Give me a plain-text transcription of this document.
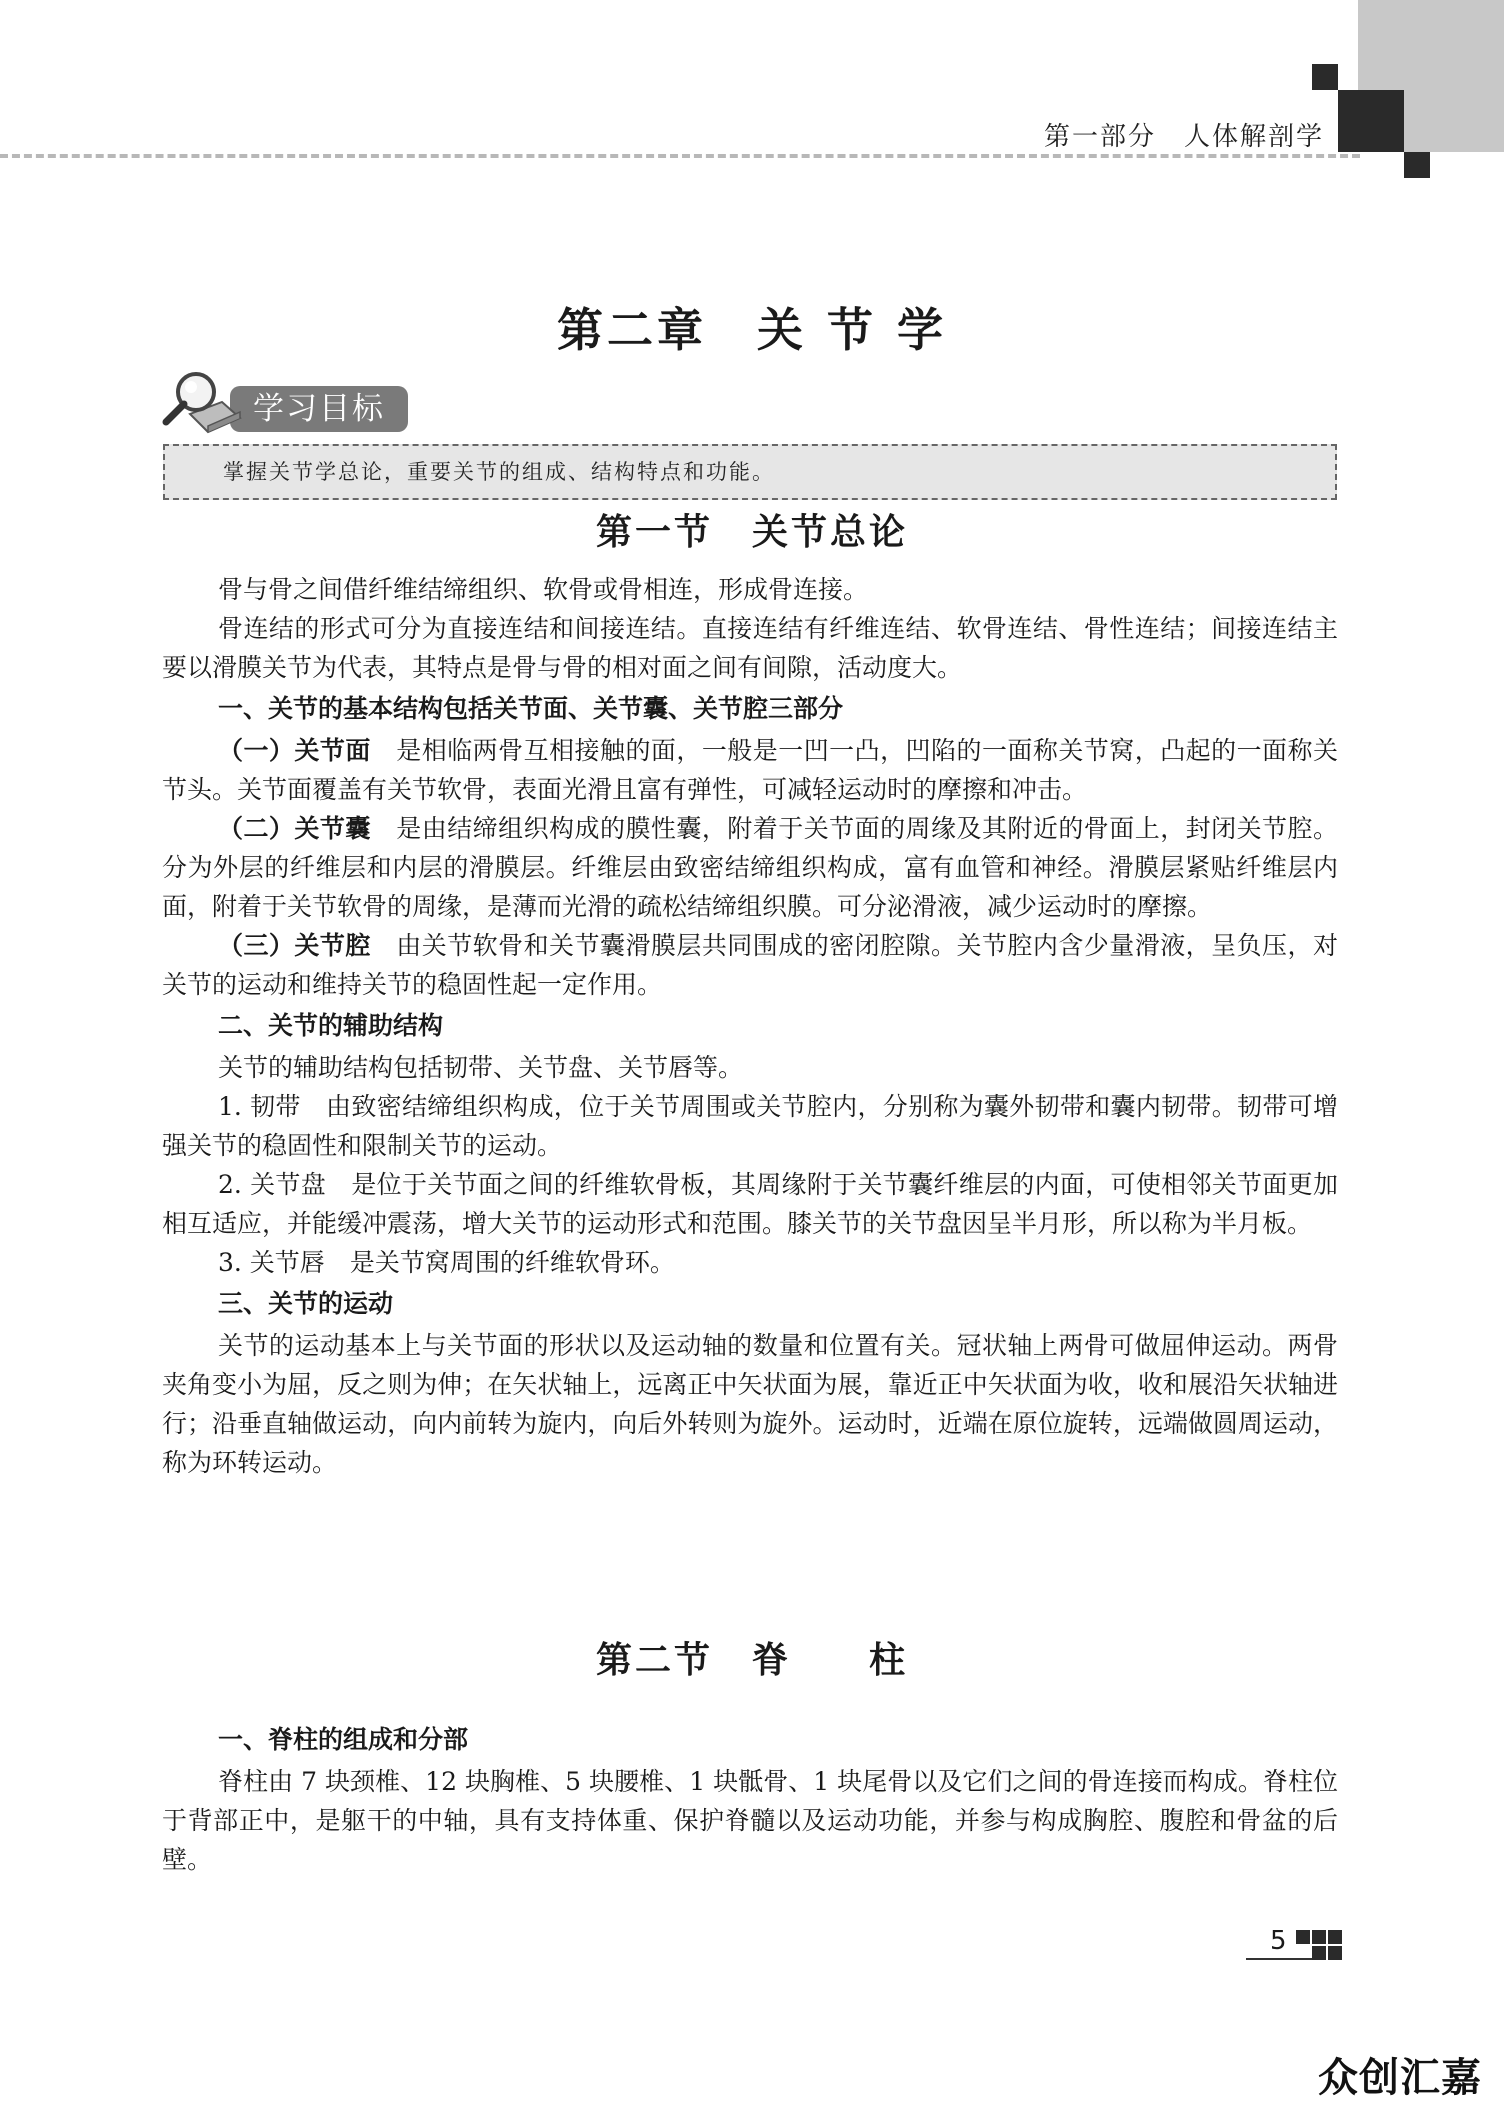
第一部分 人体解剖学
第二章　关 节 学
学习目标
掌握关节学总论，重要关节的组成、结构特点和功能。
第一节　关节总论

骨与骨之间借纤维结缔组织、软骨或骨相连，形成骨连接。

骨连结的形式可分为直接连结和间接连结。直接连结有纤维连结、软骨连结、骨性连结；间接连结主要以滑膜关节为代表，其特点是骨与骨的相对面之间有间隙，活动度大。

一、关节的基本结构包括关节面、关节囊、关节腔三部分

（一）关节面　 是相临两骨互相接触的面，一般是一凹一凸，凹陷的一面称关节窝，凸起的一面称关节头。关节面覆盖有关节软骨，表面光滑且富有弹性，可减轻运动时的摩擦和冲击。

（二）关节囊　 是由结缔组织构成的膜性囊，附着于关节面的周缘及其附近的骨面上，封闭关节腔。分为外层的纤维层和内层的滑膜层。纤维层由致密结缔组织构成，富有血管和神经。滑膜层紧贴纤维层内面，附着于关节软骨的周缘，是薄而光滑的疏松结缔组织膜。可分泌滑液，减少运动时的摩擦。

（三）关节腔　 由关节软骨和关节囊滑膜层共同围成的密闭腔隙。关节腔内含少量滑液，呈负压，对关节的运动和维持关节的稳固性起一定作用。

二、关节的辅助结构

关节的辅助结构包括韧带、关节盘、关节唇等。

1. 韧带　 由致密结缔组织构成，位于关节周围或关节腔内，分别称为囊外韧带和囊内韧带。韧带可增强关节的稳固性和限制关节的运动。

2. 关节盘　 是位于关节面之间的纤维软骨板，其周缘附于关节囊纤维层的内面，可使相邻关节面更加相互适应，并能缓冲震荡，增大关节的运动形式和范围。膝关节的关节盘因呈半月形，所以称为半月板。

3. 关节唇　 是关节窝周围的纤维软骨环。

三、关节的运动

关节的运动基本上与关节面的形状以及运动轴的数量和位置有关。冠状轴上两骨可做屈伸运动。两骨夹角变小为屈，反之则为伸；在矢状轴上，远离正中矢状面为展，靠近正中矢状面为收，收和展沿矢状轴进行；沿垂直轴做运动，向内前转为旋内，向后外转则为旋外。运动时，近端在原位旋转，远端做圆周运动，称为环转运动。

第二节　脊　　柱

一、脊柱的组成和分部

脊柱由 7 块颈椎、12 块胸椎、5 块腰椎、1 块骶骨、1 块尾骨以及它们之间的骨连接而构成。脊柱位于背部正中，是躯干的中轴，具有支持体重、保护脊髓以及运动功能，并参与构成胸腔、腹腔和骨盆的后壁。

5
众创汇嘉
